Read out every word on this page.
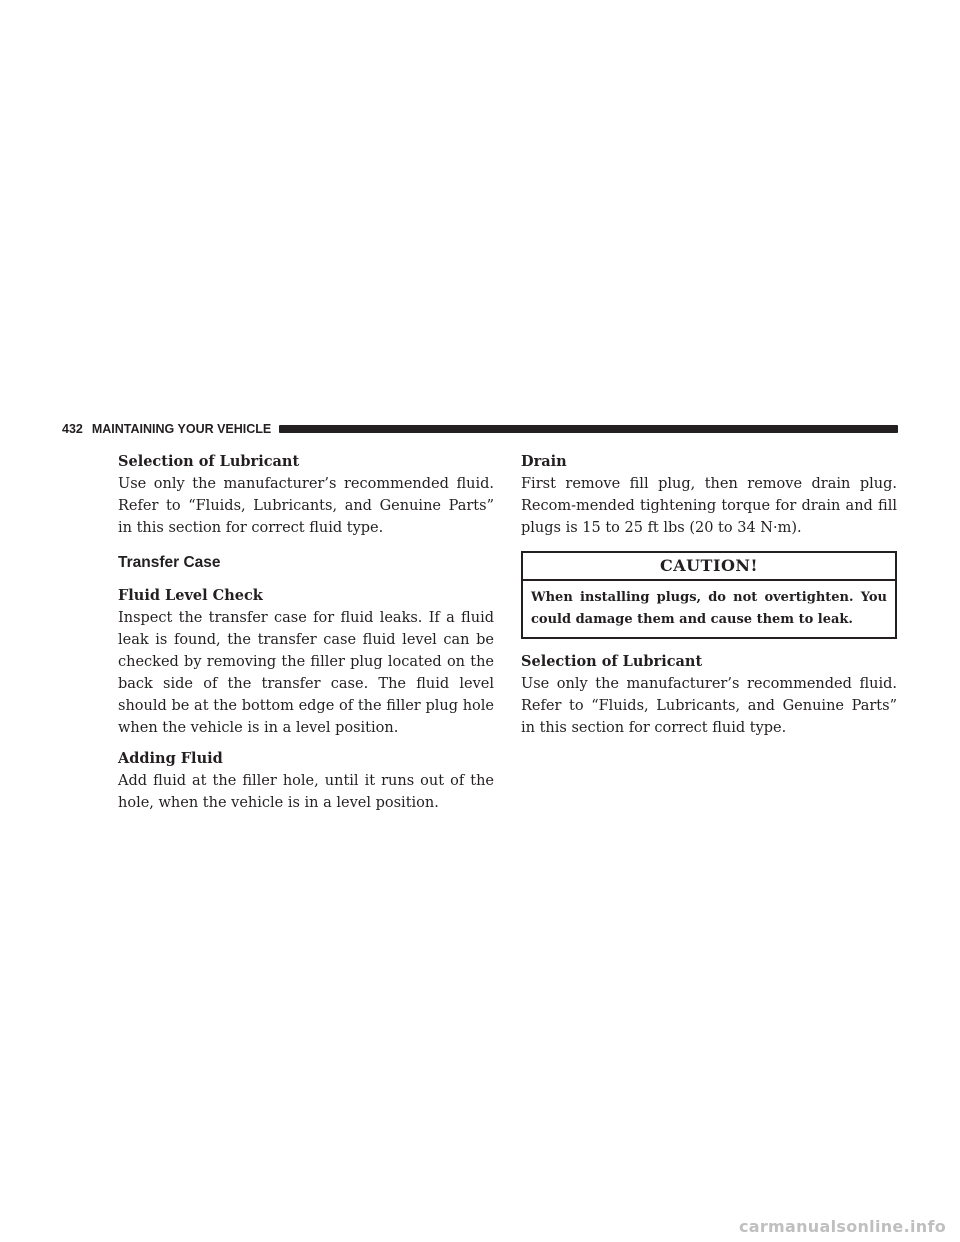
432 MAINTAINING YOUR VEHICLE
Selection of Lubricant

Use only the manufacturer’s recommended fluid. Refer to “Fluids, Lubricants, and Genuine Parts” in this section for correct fluid type.

Transfer Case
Fluid Level Check

Inspect the transfer case for fluid leaks. If a fluid leak is found, the transfer case fluid level can be checked by removing the filler plug located on the back side of the transfer case. The fluid level should be at the bottom edge of the filler plug hole when the vehicle is in a level position.

Adding Fluid

Add fluid at the filler hole, until it runs out of the hole, when the vehicle is in a level position.

Drain

First remove fill plug, then remove drain plug. Recom-mended tightening torque for drain and fill plugs is 15 to 25 ft lbs (20 to 34 N·m).

CAUTION!
When installing plugs, do not overtighten. You could damage them and cause them to leak.
Selection of Lubricant

Use only the manufacturer’s recommended fluid. Refer to “Fluids, Lubricants, and Genuine Parts” in this section for correct fluid type.

carmanualsonline.info
